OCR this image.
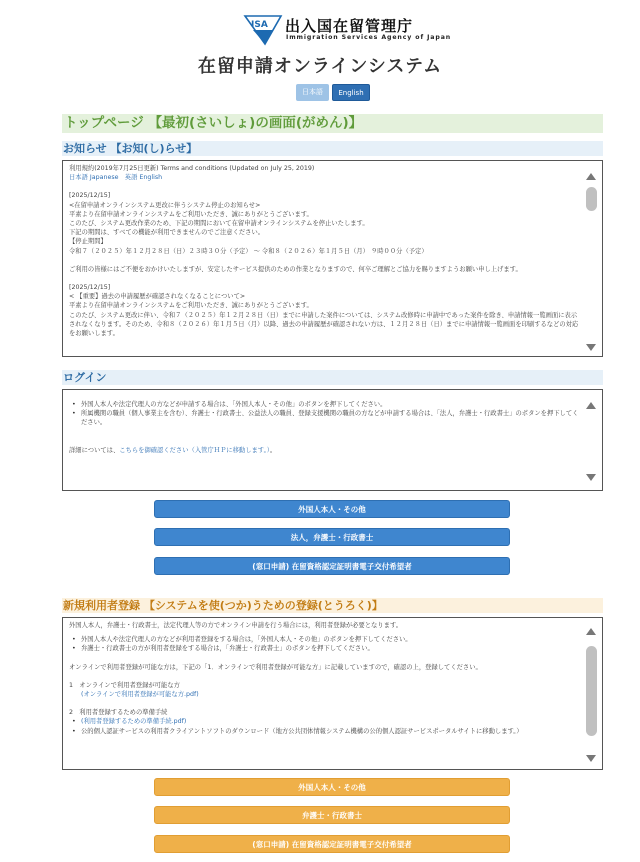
ISA 出入国在留管理庁
Immigration Services Agency of Japan
在留申請オンラインシステム
日本語	English
トップページ 【最初(さいしょ)の画面(がめん)】
お知らせ 【お知(し)らせ】

利用規約(2019年7月25日更新) Terms and conditions (Updated on July 25, 2019)

日本語 Japanese　 英語 English

[2025/12/15]

<在留申請オンラインシステム更改に伴うシステム停止のお知らせ>

平素より在留申請オンラインシステムをご利用いただき、誠にありがとうございます。

このたび、システム更改作業のため、下記の期間において在留申請オンラインシステムを停止いたします。

下記の期間は、すべての機能が利用できませんのでご注意ください。

【停止期間】

令和７（２０２５）年１２月２８日（日）２３時３０分（予定） ～ 令和８（２０２６）年１月５日（月） ９時００分（予定）

ご利用の皆様にはご不便をおかけいたしますが、安定したサービス提供のための作業となりますので、何卒ご理解とご協力を賜りますようお願い申し上げます。

[2025/12/15]

< 【重要】過去の申請履歴が確認されなくなることについて>

平素より在留申請オンラインシステムをご利用いただき、誠にありがとうございます。

このたび、システム更改に伴い、令和７（２０２５）年１２月２８日（日）までに申請した案件については、システム改修時に申請中であった案件を除き、申請情報一覧画面に表示されなくなります。そのため、令和８（２０２６）年１月５日（月）以降、過去の申請履歴が確認されない方は、１２月２８日（日）までに申請情報一覧画面を印刷するなどの対応をお願いします。

ログイン
• 外国人本人や法定代理人の方などが申請する場合は、「外国人本人・その他」のボタンを押下してください。
• 所属機関の職員（個人事業主を含む）、弁護士・行政書士、公益法人の職員、登録支援機関の職員の方などが申請する場合は、「法人，弁護士・行政書士」のボタンを押下してください。

詳細については、こちらを御確認ください（入管庁ＨＰに移動します。）。

外国人本人・その他
法人，弁護士・行政書士
(窓口申請) 在留資格認定証明書電子交付希望者
新規利用者登録 【システムを使(つか)うための登録(とうろく)】

外国人本人，弁護士・行政書士，法定代理人等の方でオンライン申請を行う場合には，利用者登録が必要となります。

• 外国人本人や法定代理人の方などが利用者登録をする場合は，「外国人本人・その他」のボタンを押下してください。
• 弁護士・行政書士の方が利用者登録をする場合は，「弁護士・行政書士」のボタンを押下してください。

オンラインで利用者登録が可能な方は，下記の「1．オンラインで利用者登録が可能な方」に記載していますので，確認の上，登録してください。

1　オンラインで利用者登録が可能な方

(オンラインで利用者登録が可能な方.pdf)

2　利用者登録するための準備手続

• (利用者登録するための準備手続.pdf)
• 公的個人認証サービスの利用者クライアントソフトのダウンロード（地方公共団体情報システム機構の公的個人認証サービスポータルサイトに移動します。）
外国人本人・その他
弁護士・行政書士
(窓口申請) 在留資格認定証明書電子交付希望者
